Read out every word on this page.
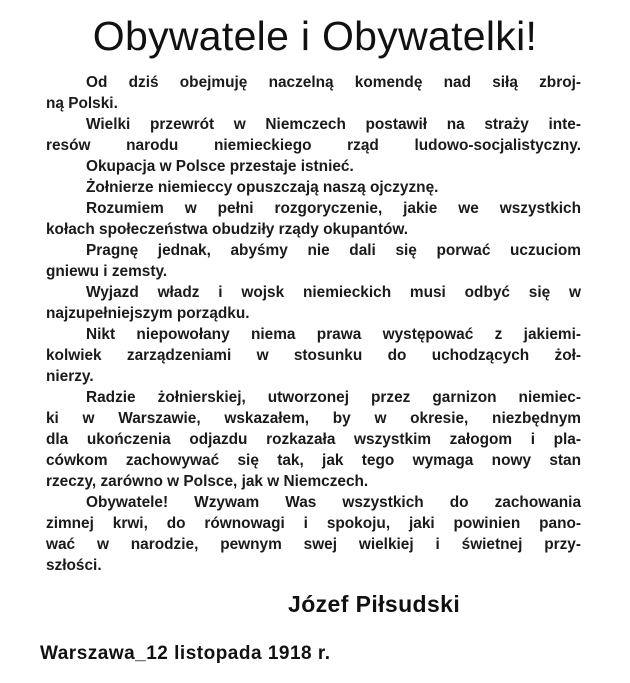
Obywatele i Obywatelki!
Od dziś obejmuję naczelną komendę nad siłą zbroj-
ną Polski.
Wielki przewrót w Niemczech postawił na straży inte-
resów narodu niemieckiego rząd ludowo-socjalistyczny.
Okupacja w Polsce przestaje istnieć.
Żołnierze niemieccy opuszczają naszą ojczyznę.
Rozumiem w pełni rozgoryczenie, jakie we wszystkich
kołach społeczeństwa obudziły rządy okupantów.
Pragnę jednak, abyśmy nie dali się porwać uczuciom
gniewu i zemsty.
Wyjazd władz i wojsk niemieckich musi odbyć się w
najzupełniejszym porządku.
Nikt niepowołany niema prawa występować z jakiemi-
kolwiek zarządzeniami w stosunku do uchodzących żoł-
nierzy.
Radzie żołnierskiej, utworzonej przez garnizon niemiec-
ki w Warszawie, wskazałem, by w okresie, niezbędnym
dla ukończenia odjazdu rozkazała wszystkim załogom i pla-
cówkom zachowywać się tak, jak tego wymaga nowy stan
rzeczy, zarówno w Polsce, jak w Niemczech.
Obywatele! Wzywam Was wszystkich do zachowania
zimnej krwi, do równowagi i spokoju, jaki powinien pano-
wać w narodzie, pewnym swej wielkiej i świetnej przy-
szłości.
Józef Piłsudski
Warszawa_12 listopada 1918 r.
